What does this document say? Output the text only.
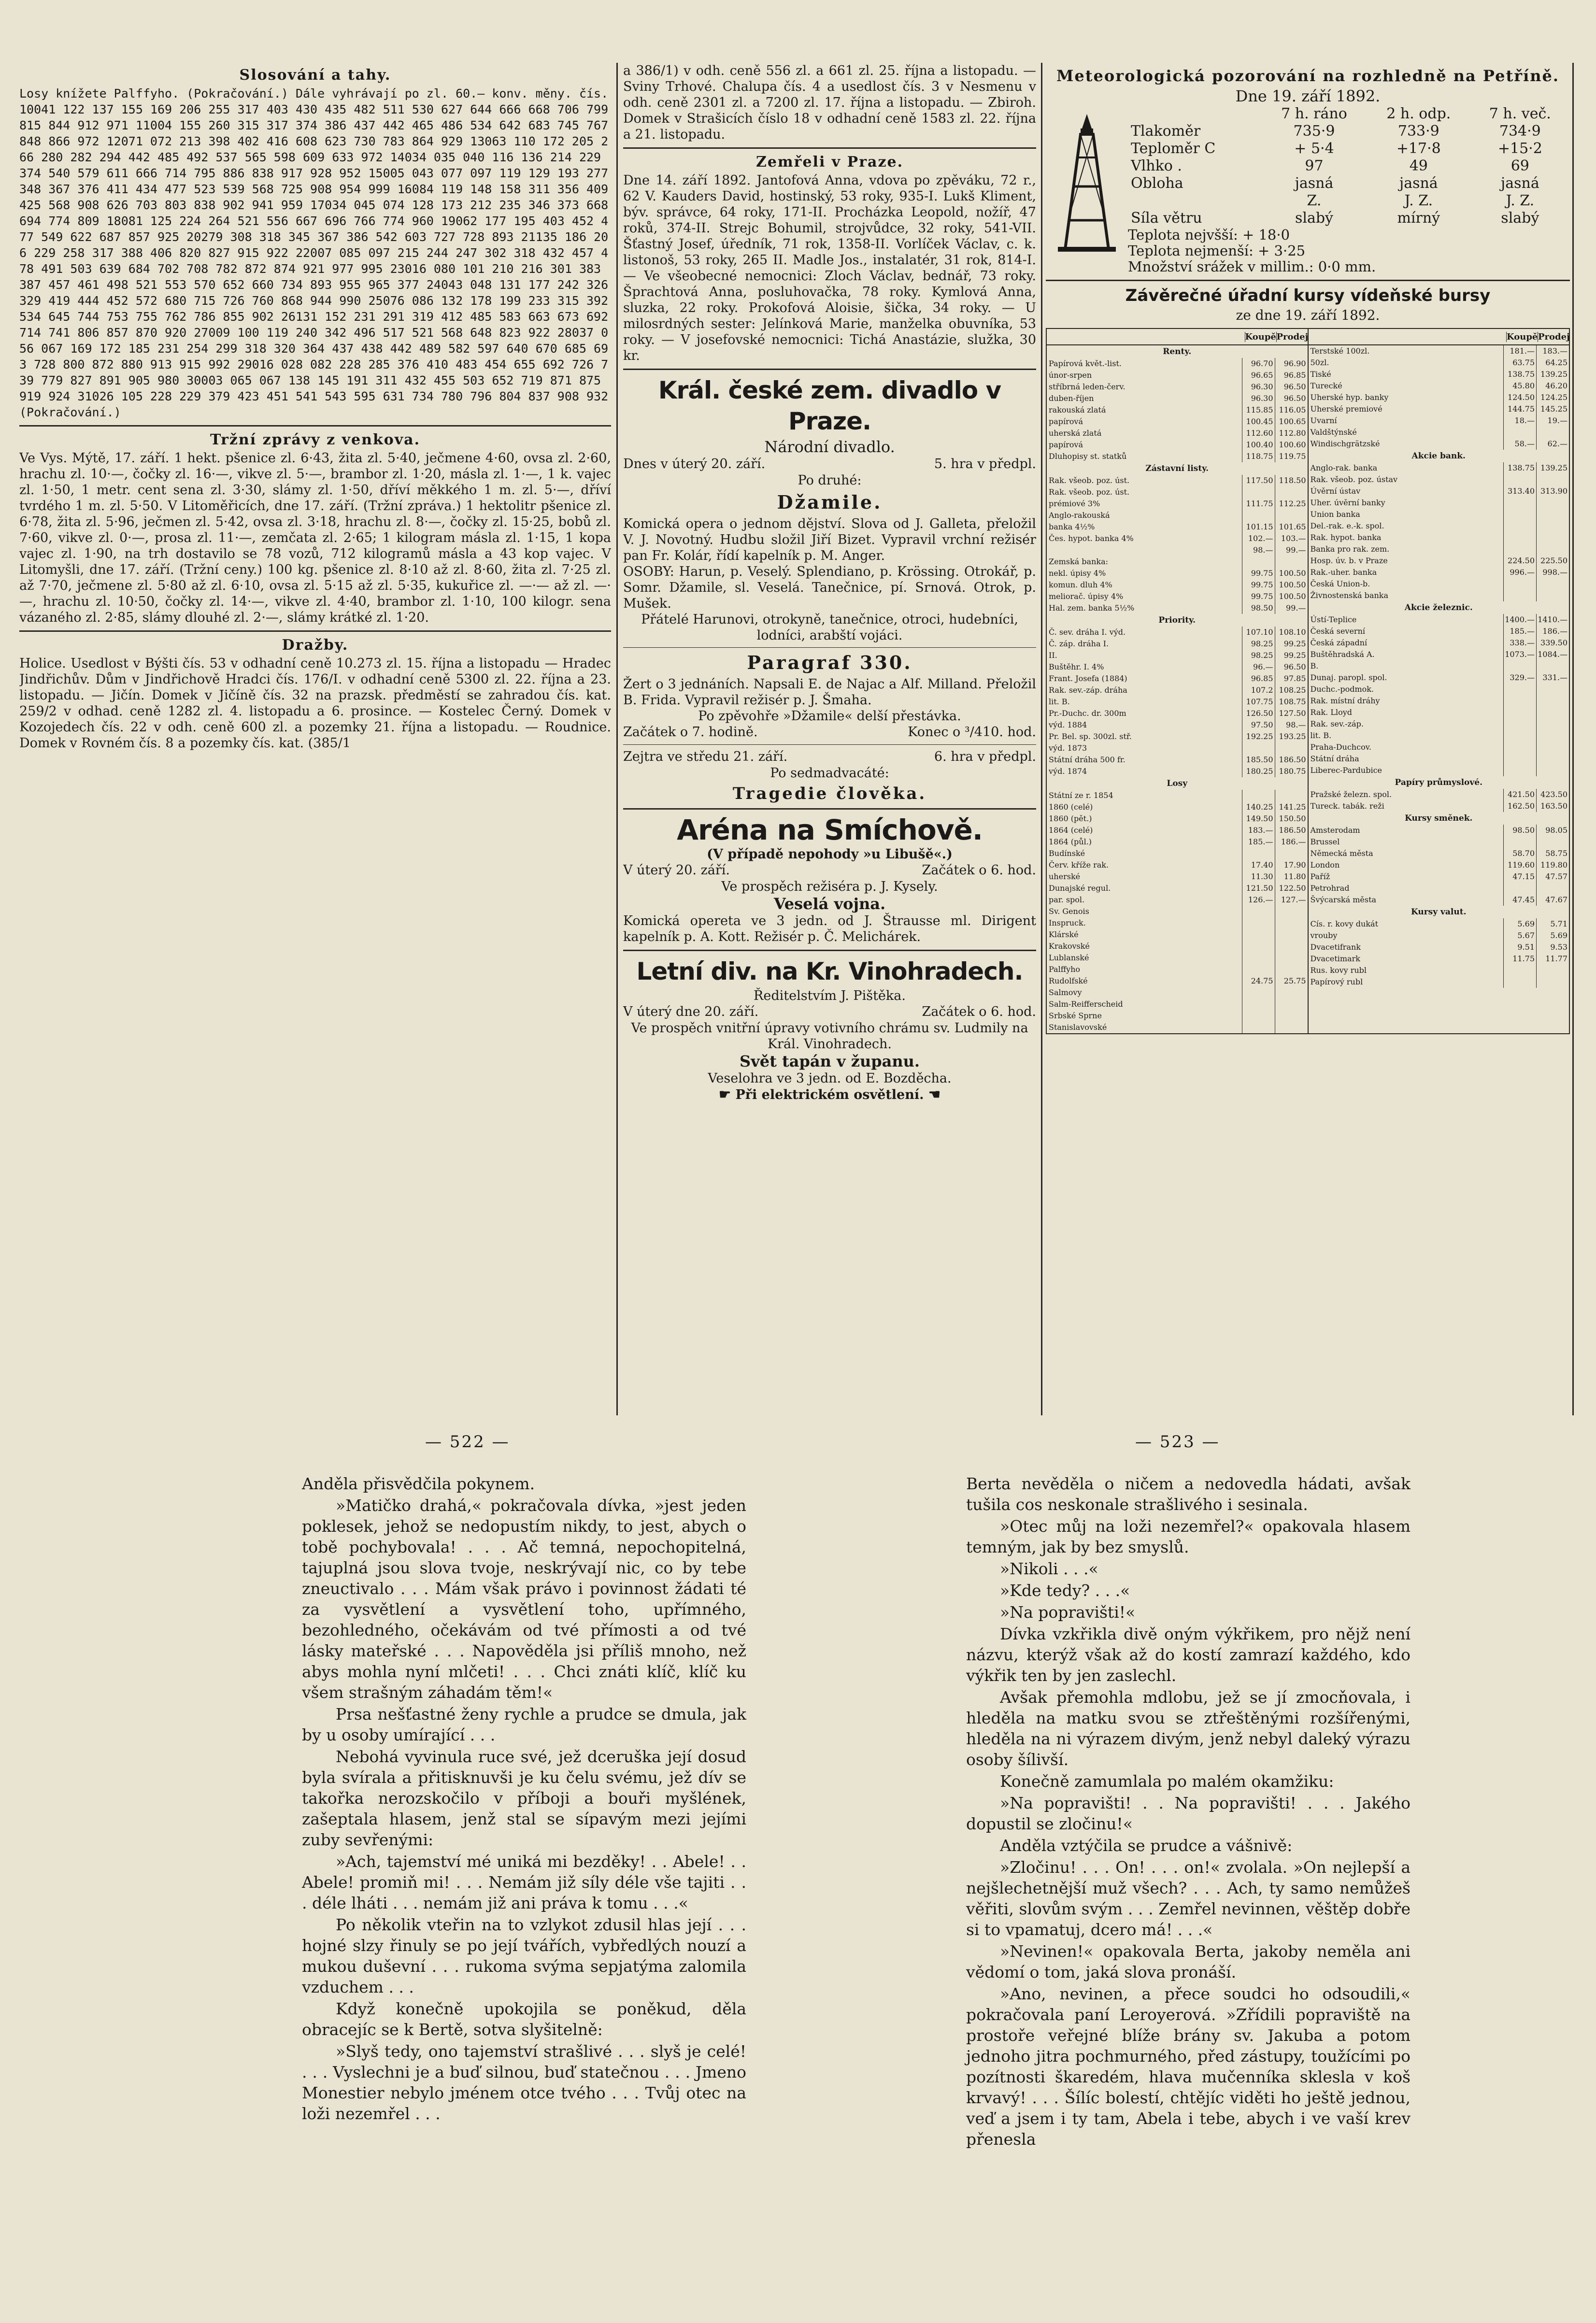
Slosování a tahy.

Losy knížete Palffyho. (Pokračování.) Dále vyhrávají po zl. 60.— konv. měny. čís. 10041 122 137 155 169 206 255 317 403 430 435 482 511 530 627 644 666 668 706 799 815 844 912 971 11004 155 260 315 317 374 386 437 442 465 486 534 642 683 745 767 848 866 972 12071 072 213 398 402 416 608 623 730 783 864 929 13063 110 172 205 266 280 282 294 442 485 492 537 565 598 609 633 972 14034 035 040 116 136 214 229 374 540 579 611 666 714 795 886 838 917 928 952 15005 043 077 097 119 129 193 277 348 367 376 411 434 477 523 539 568 725 908 954 999 16084 119 148 158 311 356 409 425 568 908 626 703 803 838 902 941 959 17034 045 074 128 173 212 235 346 373 668 694 774 809 18081 125 224 264 521 556 667 696 766 774 960 19062 177 195 403 452 477 549 622 687 857 925 20279 308 318 345 367 386 542 603 727 728 893 21135 186 206 229 258 317 388 406 820 827 915 922 22007 085 097 215 244 247 302 318 432 457 478 491 503 639 684 702 708 782 872 874 921 977 995 23016 080 101 210 216 301 383 387 457 461 498 521 553 570 652 660 734 893 955 965 377 24043 048 131 177 242 326 329 419 444 452 572 680 715 726 760 868 944 990 25076 086 132 178 199 233 315 392 534 645 744 753 755 762 786 855 902 26131 152 231 291 319 412 485 583 663 673 692 714 741 806 857 870 920 27009 100 119 240 342 496 517 521 568 648 823 922 28037 056 067 169 172 185 231 254 299 318 320 364 437 438 442 489 582 597 640 670 685 693 728 800 872 880 913 915 992 29016 028 082 228 285 376 410 483 454 655 692 726 739 779 827 891 905 980 30003 065 067 138 145 191 311 432 455 503 652 719 871 875 919 924 31026 105 228 229 379 423 451 541 543 595 631 734 780 796 804 837 908 932 (Pokračování.)

Tržní zprávy z venkova.

Ve Vys. Mýtě, 17. září. 1 hekt. pšenice zl. 6·43, žita zl. 5·40, ječmene 4·60, ovsa zl. 2·60, hrachu zl. 10·—, čočky zl. 16·—, vikve zl. 5·—, brambor zl. 1·20, másla zl. 1·—, 1 k. vajec zl. 1·50, 1 metr. cent sena zl. 3·30, slámy zl. 1·50, dříví měkkého 1 m. zl. 5·—, dříví tvrdého 1 m. zl. 5·50. V Litoměřicích, dne 17. září. (Tržní zpráva.) 1 hektolitr pšenice zl. 6·78, žita zl. 5·96, ječmen zl. 5·42, ovsa zl. 3·18, hrachu zl. 8·—, čočky zl. 15·25, bobů zl. 7·60, vikve zl. 0·—, prosa zl. 11·—, zemčata zl. 2·65; 1 kilogram másla zl. 1·15, 1 kopa vajec zl. 1·90, na trh dostavilo se 78 vozů, 712 kilogramů másla a 43 kop vajec. V Litomyšli, dne 17. září. (Tržní ceny.) 100 kg. pšenice zl. 8·10 až zl. 8·60, žita zl. 7·25 zl. až 7·70, ječmene zl. 5·80 až zl. 6·10, ovsa zl. 5·15 až zl. 5·35, kukuřice zl. —·— až zl. —·—, hrachu zl. 10·50, čočky zl. 14·—, vikve zl. 4·40, brambor zl. 1·10, 100 kilogr. sena vázaného zl. 2·85, slámy dlouhé zl. 2·—, slámy krátké zl. 1·20.

Dražby.

Holice. Usedlost v Býšti čís. 53 v odhadní ceně 10.273 zl. 15. října a listopadu — Hradec Jindřichův. Dům v Jindřichově Hradci čís. 176/I. v odhadní ceně 5300 zl. 22. října a 23. listopadu. — Jičín. Domek v Jičíně čís. 32 na prazsk. předměstí se zahradou čís. kat. 259/2 v odhad. ceně 1282 zl. 4. listopadu a 6. prosince. — Kostelec Černý. Domek v Kozojedech čís. 22 v odh. ceně 600 zl. a pozemky 21. října a listopadu. — Roudnice. Domek v Rovném čís. 8 a pozemky čís. kat. (385/1

a 386/1) v odh. ceně 556 zl. a 661 zl. 25. října a listopadu. — Sviny Trhové. Chalupa čís. 4 a usedlost čís. 3 v Nesmenu v odh. ceně 2301 zl. a 7200 zl. 17. října a listopadu. — Zbiroh. Domek v Strašicích číslo 18 v odhadní ceně 1583 zl. 22. října a 21. listopadu.

Zemřeli v Praze.

Dne 14. září 1892. Jantofová Anna, vdova po zpěváku, 72 r., 62 V. Kauders David, hostinský, 53 roky, 935-I. Lukš Kliment, býv. správce, 64 roky, 171-II. Procházka Leopold, nožíř, 47 roků, 374-II. Strejc Bohumil, strojvůdce, 32 roky, 541-VII. Šťastný Josef, úředník, 71 rok, 1358-II. Vorlíček Václav, c. k. listonoš, 53 roky, 265 II. Madle Jos., instalatér, 31 rok, 814-I. — Ve všeobecné nemocnici: Zloch Václav, bednář, 73 roky. Šprachtová Anna, posluhovačka, 78 roky. Kymlová Anna, sluzka, 22 roky. Prokofová Aloisie, šička, 34 roky. — U milosrdných sester: Jelínková Marie, manželka obuvníka, 53 roky. — V josefovské nemocnici: Tichá Anastázie, služka, 30 kr.

Král. české zem. divadlo v Praze.
Národní divadlo.
Dnes v úterý 20. září.	5. hra v předpl.
Po druhé:
Džamile.

Komická opera o jednom dějství. Slova od J. Galleta, přeložil V. J. Novotný. Hudbu složil Jiří Bizet. Vypravil vrchní režisér pan Fr. Kolár, řídí kapelník p. M. Anger.

OSOBY: Harun, p. Veselý. Splendiano, p. Krössing. Otrokář, p. Somr. Džamile, sl. Veselá. Tanečnice, pí. Srnová. Otrok, p. Mušek.

Přátelé Harunovi, otrokyně, tanečnice, otroci, hudebníci, lodníci, arabští vojáci.

Paragraf 330.

Žert o 3 jednáních. Napsali E. de Najac a Alf. Milland. Přeložil B. Frida. Vypravil režisér p. J. Šmaha.

Po zpěvohře »Džamile« delší přestávka.

Začátek o 7. hodině.	Konec o ³/410. hod.
Zejtra ve středu 21. září.	6. hra v předpl.
Po sedmadvacáté:
Tragedie člověka.
Aréna na Smíchově.
(V případě nepohody »u Libušě«.)
V úterý 20. září.	Začátek o 6. hod.
Ve prospěch režiséra p. J. Kysely.
Veselá vojna.

Komická opereta ve 3 jedn. od J. Štrausse ml. Dirigent kapelník p. A. Kott. Režisér p. Č. Melichárek.

Letní div. na Kr. Vinohradech.
Ředitelstvím J. Pištěka.
V úterý dne 20. září.	Začátek o 6. hod.

Ve prospěch vnitřní úpravy votivního chrámu sv. Ludmily na Král. Vinohradech.

Svět tapán v županu.
Veselohra ve 3 jedn. od E. Bozděcha.
☛ Při elektrickém osvětlení. ☚
Meteorologická pozorování na rozhledně na Petříně.
Dne 19. září 1892.
	7 h. ráno	2 h. odp.	7 h. več.
Tlakoměr	735·9	733·9	734·9
Teploměr C	+ 5·4	+17·8	+15·2
Vlhko .	97	49	69
Obloha	jasná	jasná	jasná
	Z.	J. Z.	J. Z.
Síla větru	slabý	mírný	slabý
Teplota nejvšší: + 18·0
Teplota nejmenší: + 3·25
Množství srážek v millim.: 0·0 mm.
Závěrečné úřadní kursy vídeňské bursy
ze dne 19. září 1892.
Koupě Prodej
Renty.
Papírová květ.-list.	96.70	96.90
únor-srpen	96.65	96.85
stříbrná leden-červ.	96.30	96.50
duben-říjen	96.30	96.50
rakouská zlatá	115.85 116.05
papírová	100.45 100.65
uherská zlatá	112.60 112.80
papírová	100.40 100.60
Dluhopisy st. statků	118.75 119.75
Zástavní listy.
Rak. všeob. poz. úst.	117.50 118.50
Rak. všeob. poz. úst.
prémiové 3%	111.75 112.25
Anglo-rakouská
banka 4½%	101.15 101.65
Čes. hypot. banka 4%	102.—	103.—
98.—	99.—
Zemská banka:
nekl. úpisy 4%	99.75 100.50
komun. dluh 4%	99.75 100.50
meliorač. úpisy 4%	99.75 100.50
Hal. zem. banka 5½%	98.50	99.—
Priority.
Č. sev. dráha I. výd.	107.10 108.10
Č. záp. dráha I.	98.25	99.25
II.	98.25	99.25
Buštěhr. I. 4%	96.—	96.50
Frant. Josefa (1884)	96.85	97.85
Rak. sev.-záp. dráha	107.2 108.25
lit. B.	107.75 108.75
Pr.-Duchc. dr. 300m	126.50 127.50
výd. 1884	97.50	98.—
Pr. Bel. sp. 300zl. stř.	192.25 193.25
výd. 1873
Státní dráha 500 fr.	185.50 186.50
výd. 1874	180.25 180.75
Losy
Státní ze r. 1854
1860 (celé)	140.25 141.25
1860 (pět.)	149.50 150.50
1864 (celé)	183.— 186.50
1864 (půl.)	185.—	186.—
Budínské
Červ. kříže rak.	17.40	17.90
uherské	11.30	11.80
Dunajské regul.	121.50 122.50
par. spol.	126.—	127.—
Sv. Genois
Inspruck.
Klárské
Krakovské
Lublanské
Palffyho
Rudolfské	24.75	25.75
Salmovy
Salm-Reifferscheid
Srbské Sprne
Stanislavovské
Koupě Prodej
Terstské 100zl.	181.—	183.—
50zl.	63.75	64.25
Tiské	138.75 139.25
Turecké	45.80	46.20
Uherské hyp. banky	124.50 124.25
Uherské premiové	144.75 145.25
Uvarní	18.—	19.—
Valdštýnské
Windischgrätzské	58.—	62.—
Akcie bank.
Anglo-rak. banka	138.75 139.25
Rak. všeob. poz. ústav
Úvěrní ústav	313.40 313.90
Uher. úvěrní banky
Union banka
Del.-rak. e.-k. spol.
Rak. hypot. banka
Banka pro rak. zem.
Hosp. úv. b. v Praze	224.50 225.50
Rak.-uher. banka	996.—	998.—
Česká Union-b.
Živnostenská banka
Akcie železnic.
Ústí-Teplice	1400.— 1410.—
Česká severní	185.—	186.—
Česká západní	338.— 339.50
Buštěhradská A.	1073.— 1084.—
B.
Dunaj. paropl. spol.	329.—	331.—
Duchc.-podmok.
Rak. místní dráhy
Rak. Lloyd
Rak. sev.-záp.
lit. B.
Praha-Duchcov.
Státní dráha
Liberec-Pardubice
Papíry průmyslové.
Pražské železn. spol.	421.50 423.50
Tureck. tabák. reži	162.50 163.50
Kursy směnek.
Amsterodam	98.50	98.05
Brussel
Německá města	58.70	58.75
London	119.60 119.80
Paříž	47.15	47.57
Petrohrad
Švýcarská města	47.45	47.67
Kursy valut.
Cís. r. kovy dukát	5.69	5.71
vrouby	5.67	5.69
Dvacetifrank	9.51	9.53
Dvacetimark	11.75	11.77
Rus. kovy rubl
Papírový rubl
— 522 —	— 523 —

Anděla přisvědčila pokynem.

»Matičko drahá,« pokračovala dívka, »jest jeden poklesek, jehož se nedopustím nikdy, to jest, abych o tobě pochybovala! . . . Ač temná, nepochopitelná, tajuplná jsou slova tvoje, neskrývají nic, co by tebe zneuctivalo . . . Mám však právo i povinnost žádati té za vysvětlení a vysvětlení toho, upřímného, bezohledného, očekávám od tvé přímosti a od tvé lásky mateřské . . . Napověděla jsi příliš mnoho, než abys mohla nyní mlčeti! . . . Chci znáti klíč, klíč ku všem strašným záhadám těm!«

Prsa nešťastné ženy rychle a prudce se dmula, jak by u osoby umírající . . .

Nebohá vyvinula ruce své, jež dceruška její dosud byla svírala a přitisknuvši je ku čelu svému, jež dív se takořka nerozskočilo v příboji a bouři myšlének, zašeptala hlasem, jenž stal se sípavým mezi jejími zuby sevřenými:

»Ach, tajemství mé uniká mi bezděky! . . Abele! . . Abele! promiň mi! . . . Nemám již síly déle vše tajiti . . . déle lháti . . . nemám již ani práva k tomu . . .«

Po několik vteřin na to vzlykot zdusil hlas její . . . hojné slzy řinuly se po její tvářích, vybředlých nouzí a mukou duševní . . . rukoma svýma sepjatýma zalomila vzduchem . . .

Když konečně upokojila se poněkud, děla obracejíc se k Bertě, sotva slyšitelně:

»Slyš tedy, ono tajemství strašlivé . . . slyš je celé! . . . Vyslechni je a buď silnou, buď statečnou . . . Jmeno Monestier nebylo jménem otce tvého . . . Tvůj otec na loži nezemřel . . .

Berta nevěděla o ničem a nedovedla hádati, avšak tušila cos neskonale strašlivého i sesinala.

»Otec můj na loži nezemřel?« opakovala hlasem temným, jak by bez smyslů.

»Nikoli . . .«

»Kde tedy? . . .«

»Na popravišti!«

Dívka vzkřikla divě oným výkřikem, pro nějž není názvu, kterýž však až do kostí zamrazí každého, kdo výkřik ten by jen zaslechl.

Avšak přemohla mdlobu, jež se jí zmocňovala, i hleděla na matku svou se ztřeštěnými rozšířenými, hleděla na ni výrazem divým, jenž nebyl daleký výrazu osoby šílivší.

Konečně zamumlala po malém okamžiku:

»Na popravišti! . . Na popravišti! . . . Jakého dopustil se zločinu!«

Anděla vztýčila se prudce a vášnivě:

»Zločinu! . . . On! . . . on!« zvolala. »On nejlepší a nejšlechetnější muž všech? . . . Ach, ty samo nemůžeš věřiti, slovům svým . . . Zemřel nevinnen, věštěp dobře si to vpamatuj, dcero má! . . .«

»Nevinen!« opakovala Berta, jakoby neměla ani vědomí o tom, jaká slova pronáší.

»Ano, nevinen, a přece soudci ho odsoudili,« pokračovala paní Leroyerová. »Zřídili popraviště na prostoře veřejné blíže brány sv. Jakuba a potom jednoho jitra pochmurného, před zástupy, toužícími po pozítnosti škaredém, hlava mučenníka sklesla v koš krvavý! . . . Šílíc bolestí, chtějíc viděti ho ještě jednou, veď a jsem i ty tam, Abela i tebe, abych i ve vaší krev přenesla
